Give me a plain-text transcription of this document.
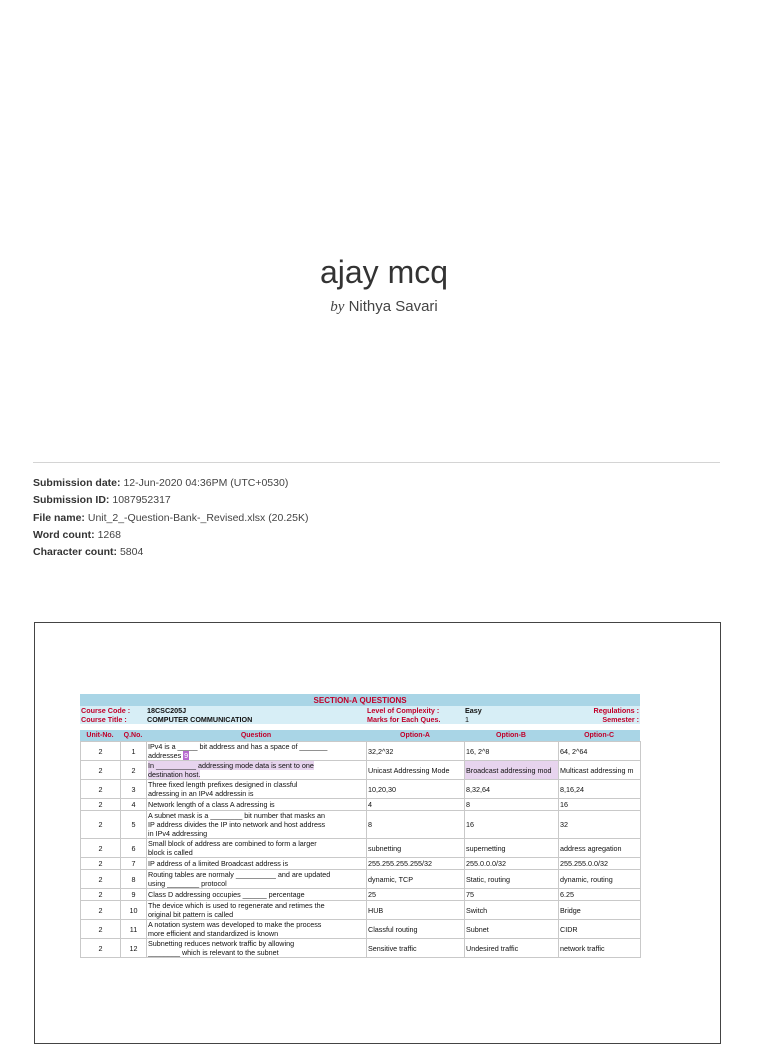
ajay mcq
by Nithya Savari
Submission date: 12-Jun-2020 04:36PM (UTC+0530)
Submission ID: 1087952317
File name: Unit_2_-Question-Bank-_Revised.xlsx (20.25K)
Word count: 1268
Character count: 5804
SECTION-A QUESTIONS					
Course Code :		18CSC205J	Level of Complexity :	Easy	Regulations :
Course Title :		COMPUTER COMMUNICATION	Marks for Each Ques.	1	Semester :

Unit-No.	Q.No.	Question	Option-A	Option-B	Option-C
2	1	IPv4 is a _____ bit address and has a space of _______
addresses 9	32,2^32	16, 2^8	64, 2^64
2	2	In __________ addressing mode data is sent to one
destination host.	Unicast Addressing Mode	Broadcast addressing mod	Multicast addressing m
2	3	Three fixed length prefixes designed in classful
adressing in an IPv4 addressin is	10,20,30	8,32,64	8,16,24
2	4	Network length of a class A adressing is	4	8	16
2	5	A subnet mask is a ________ bit number that masks an
IP address divides the IP into network and host address
in IPv4 addressing	8	16	32
2	6	Small block of address are combined to form a larger
block is called	subnetting	supernetting	address agregation
2	7	IP address of a limited Broadcast address is	255.255.255.255/32	255.0.0.0/32	255.255.0.0/32
2	8	Routing tables are normaly __________ and are updated
using ________ protocol	dynamic, TCP	Static, routing	dynamic, routing
2	9	Class D addressing occupies ______ percentage	25	75	6.25
2	10	The device which is used to regenerate and retimes the
original bit pattern is called	HUB	Switch	Bridge
2	11	A notation system was developed to make the process
more efficient and standardized is known	Classful routing	Subnet	CIDR
2	12	Subnetting reduces network traffic by allowing
________ which is relevant to the subnet	Sensitive traffic	Undesired traffic	network traffic
